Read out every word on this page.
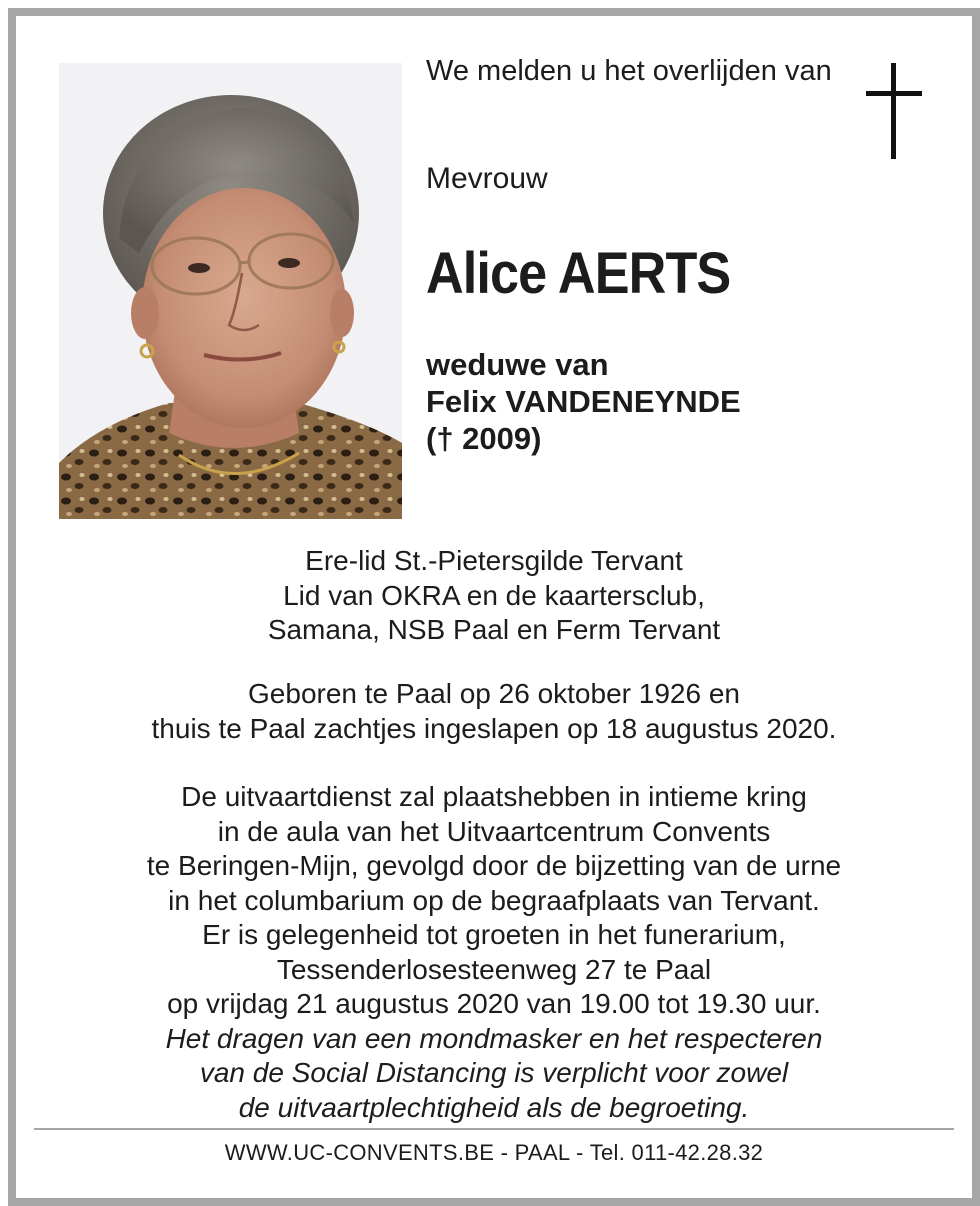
We melden u het overlijden van
Mevrouw
Alice AERTS
weduwe van
Felix VANDENEYNDE
(† 2009)
Ere-lid St.-Pietersgilde Tervant
Lid van OKRA en de kaartersclub,
Samana, NSB Paal en Ferm Tervant
Geboren te Paal op 26 oktober 1926 en
thuis te Paal zachtjes ingeslapen op 18 augustus 2020.
De uitvaartdienst zal plaatshebben in intieme kring
in de aula van het Uitvaartcentrum Convents
te Beringen-Mijn, gevolgd door de bijzetting van de urne
in het columbarium op de begraafplaats van Tervant.
Er is gelegenheid tot groeten in het funerarium,
Tessenderlosesteenweg 27 te Paal
op vrijdag 21 augustus 2020 van 19.00 tot 19.30 uur.
Het dragen van een mondmasker en het respecteren
van de Social Distancing is verplicht voor zowel
de uitvaartplechtigheid als de begroeting.
WWW.UC-CONVENTS.BE - PAAL - Tel. 011-42.28.32
